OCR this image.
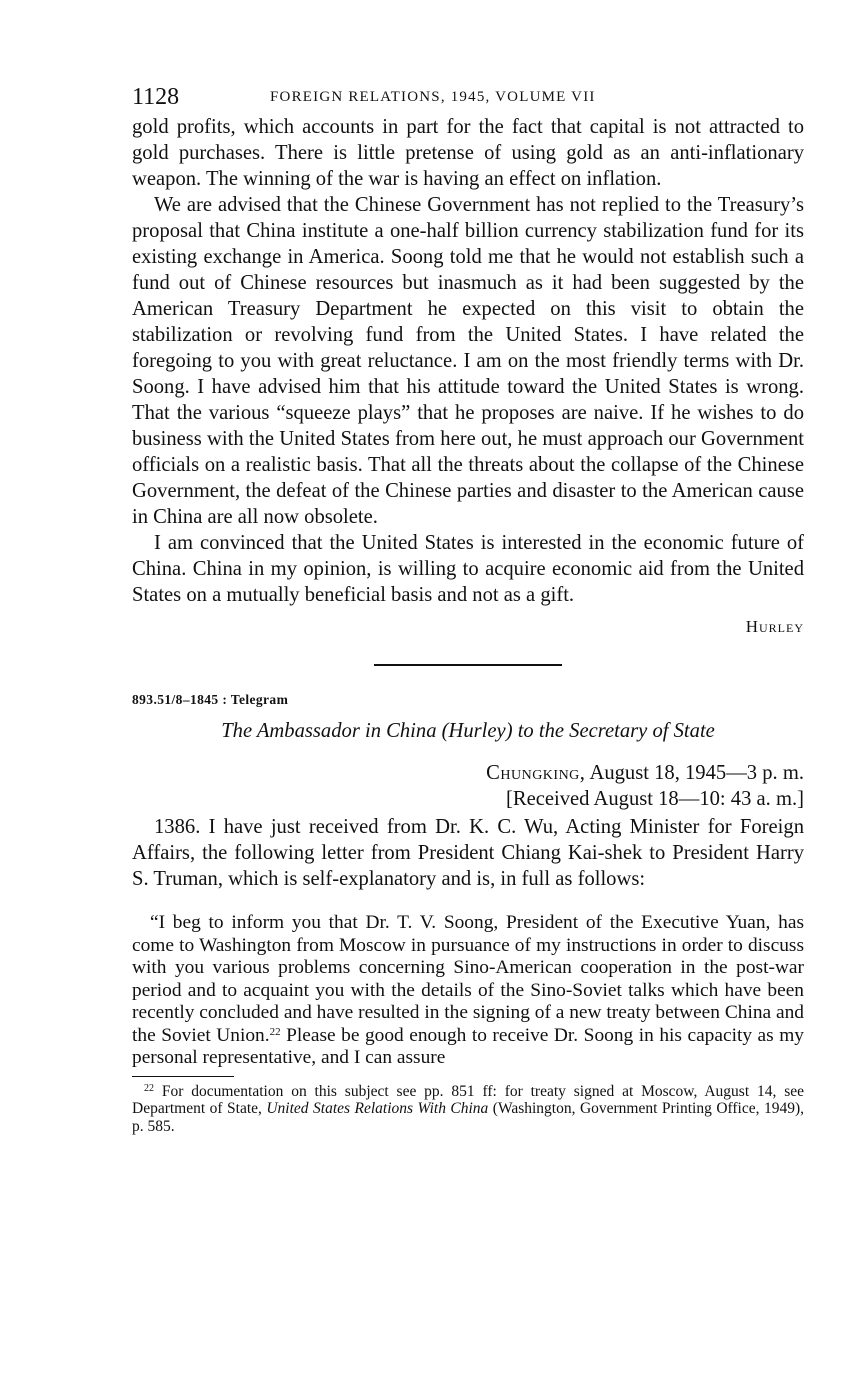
1128	FOREIGN RELATIONS, 1945, VOLUME VII

gold profits, which accounts in part for the fact that capital is not attracted to gold purchases. There is little pretense of using gold as an anti-inflationary weapon. The winning of the war is having an effect on inflation.

We are advised that the Chinese Government has not replied to the Treasury’s proposal that China institute a one-half billion currency stabilization fund for its existing exchange in America. Soong told me that he would not establish such a fund out of Chinese resources but inasmuch as it had been suggested by the American Treasury Department he expected on this visit to obtain the stabilization or revolving fund from the United States. I have related the foregoing to you with great reluctance. I am on the most friendly terms with Dr. Soong. I have advised him that his attitude toward the United States is wrong. That the various “squeeze plays” that he proposes are naive. If he wishes to do business with the United States from here out, he must approach our Government officials on a realistic basis. That all the threats about the collapse of the Chinese Government, the defeat of the Chinese parties and disaster to the American cause in China are all now obsolete.

I am convinced that the United States is interested in the economic future of China. China in my opinion, is willing to acquire economic aid from the United States on a mutually beneficial basis and not as a gift.

Hurley
893.51/8–1845 : Telegram
The Ambassador in China (Hurley) to the Secretary of State
Chungking, August 18, 1945—3 p. m.
[Received August 18—10: 43 a. m.]

1386. I have just received from Dr. K. C. Wu, Acting Minister for Foreign Affairs, the following letter from President Chiang Kai-shek to President Harry S. Truman, which is self-explanatory and is, in full as follows:

“I beg to inform you that Dr. T. V. Soong, President of the Executive Yuan, has come to Washington from Moscow in pursuance of my instructions in order to discuss with you various problems concerning Sino-American cooperation in the post-war period and to acquaint you with the details of the Sino-Soviet talks which have been recently concluded and have resulted in the signing of a new treaty between China and the Soviet Union.$^{22}$ Please be good enough to receive Dr. Soong in his capacity as my personal representative, and I can assure

$^{22}$ For documentation on this subject see pp. 851 ff: for treaty signed at Moscow, August 14, see Department of State, United States Relations With China (Washington, Government Printing Office, 1949), p. 585.
